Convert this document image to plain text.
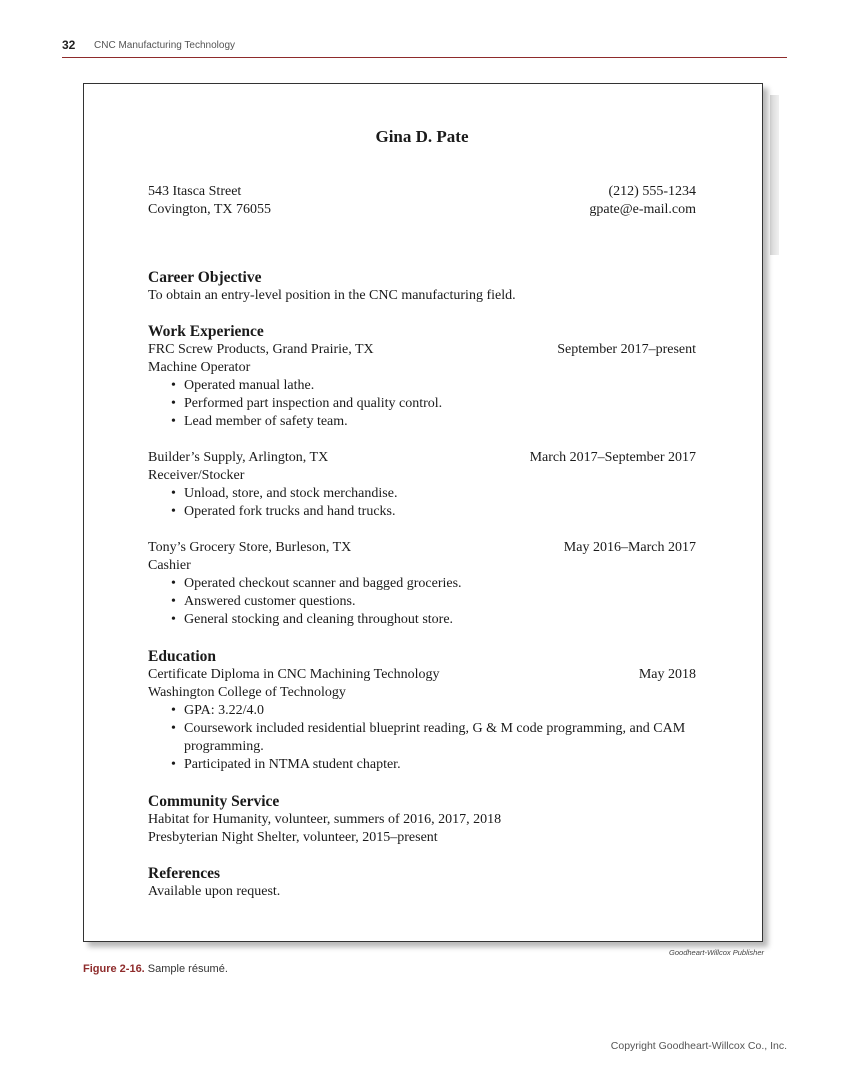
32 CNC Manufacturing Technology
Gina D. Pate
543 Itasca Street	(212) 555-1234
Covington, TX 76055	gpate@e-mail.com
Career Objective
To obtain an entry-level position in the CNC manufacturing field.
Work Experience
FRC Screw Products, Grand Prairie, TX	September 2017–present
Machine Operator
• Operated manual lathe.
• Performed part inspection and quality control.
• Lead member of safety team.
Builder’s Supply, Arlington, TX	March 2017–September 2017
Receiver/Stocker
• Unload, store, and stock merchandise.
• Operated fork trucks and hand trucks.
Tony’s Grocery Store, Burleson, TX	May 2016–March 2017
Cashier
• Operated checkout scanner and bagged groceries.
• Answered customer questions.
• General stocking and cleaning throughout store.
Education
Certificate Diploma in CNC Machining Technology	May 2018
Washington College of Technology
• GPA: 3.22/4.0
• Coursework included residential blueprint reading, G & M code programming, and CAM programming.
• Participated in NTMA student chapter.
Community Service
Habitat for Humanity, volunteer, summers of 2016, 2017, 2018
Presbyterian Night Shelter, volunteer, 2015–present
References
Available upon request.
Goodheart-Willcox Publisher
Figure 2-16. Sample résumé.
Copyright Goodheart-Willcox Co., Inc.
